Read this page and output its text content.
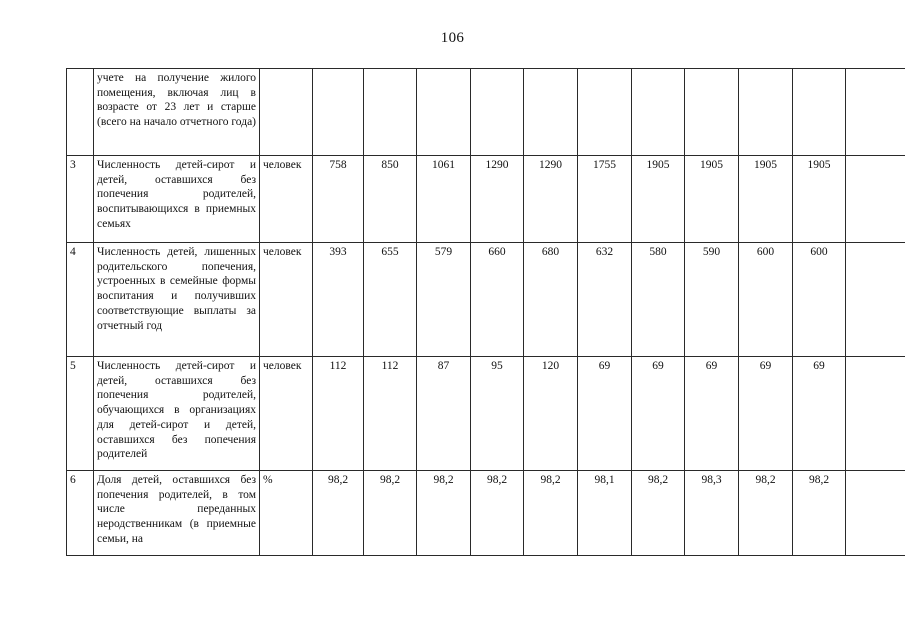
106
	учете на получение жилого помещения, включая лиц в возрасте от 23 лет и старше (всего на начало отчетного года)												
3	Численность детей-сирот и детей, оставшихся без попечения родителей, воспитывающихся в приемных семьях	человек	758	850	1061	1290	1290	1755	1905	1905	1905	1905	
4	Численность детей, лишенных родительского попечения, устроенных в семейные формы воспитания и получивших соответствующие выплаты за отчетный год	человек	393	655	579	660	680	632	580	590	600	600	
5	Численность детей-сирот и детей, оставшихся без попечения родителей, обучающихся в организациях для детей-сирот и детей, оставшихся без попечения родителей	человек	112	112	87	95	120	69	69	69	69	69	
6	Доля детей, оставшихся без попечения родителей, в том числе переданных неродственникам (в приемные семьи, на	%	98,2	98,2	98,2	98,2	98,2	98,1	98,2	98,3	98,2	98,2	
